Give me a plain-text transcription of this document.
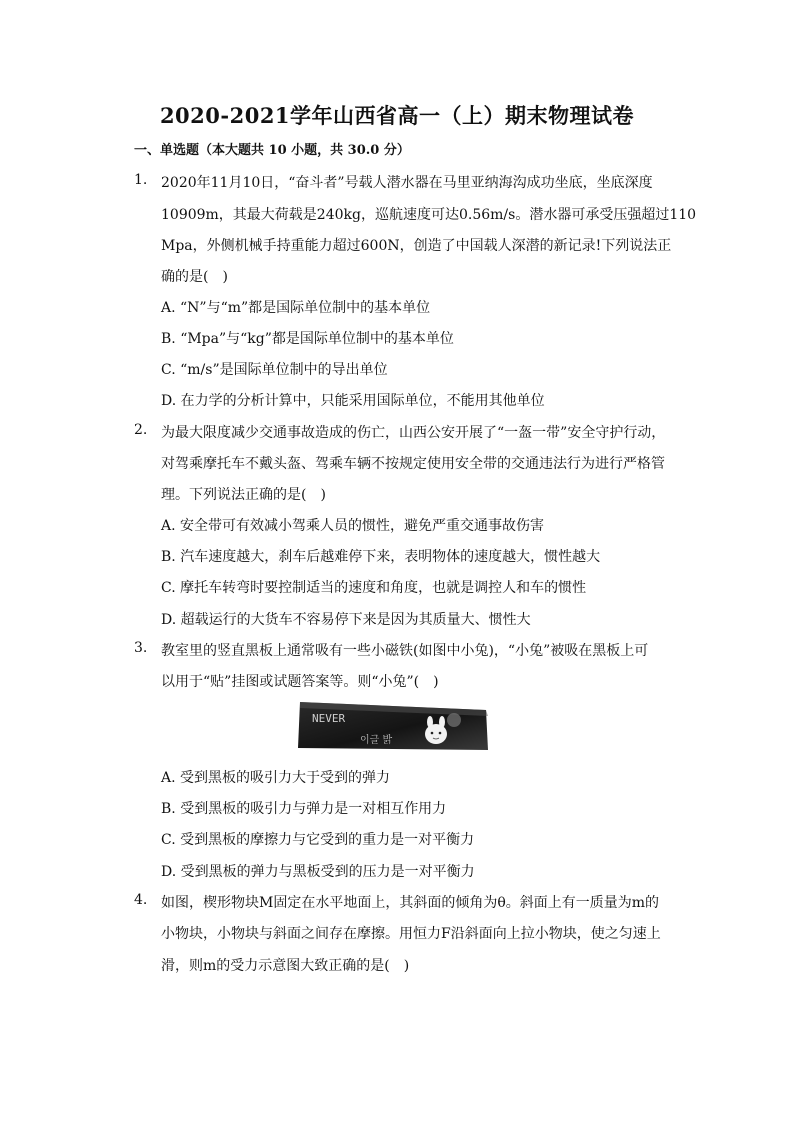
2020-2021学年山西省高一（上）期末物理试卷
一、单选题（本大题共 10 小题，共 30.0 分）
1. 2020年11月10日，“奋斗者”号载人潜水器在马里亚纳海沟成功坐底，坐底深度
10909m，其最大荷载是240kg，巡航速度可达0.56m/s。潜水器可承受压强超过110
Mpa，外侧机械手持重能力超过600N，创造了中国载人深潜的新记录!下列说法正
确的是(　)
A. “N”与“m”都是国际单位制中的基本单位
B. “Mpa”与“kg”都是国际单位制中的基本单位
C. “m/s”是国际单位制中的导出单位
D. 在力学的分析计算中，只能采用国际单位，不能用其他单位
2. 为最大限度减少交通事故造成的伤亡，山西公安开展了“一盔一带”安全守护行动，
对驾乘摩托车不戴头盔、驾乘车辆不按规定使用安全带的交通违法行为进行严格管
理。下列说法正确的是(　)
A. 安全带可有效减小驾乘人员的惯性，避免严重交通事故伤害
B. 汽车速度越大，刹车后越难停下来，表明物体的速度越大，惯性越大
C. 摩托车转弯时要控制适当的速度和角度，也就是调控人和车的惯性
D. 超载运行的大货车不容易停下来是因为其质量大、惯性大
3. 教室里的竖直黑板上通常吸有一些小磁铁(如图中小兔)，“小兔”被吸在黑板上可
以用于“贴”挂图或试题答案等。则“小兔”(　)
NEVER
이글 밝
A. 受到黑板的吸引力大于受到的弹力
B. 受到黑板的吸引力与弹力是一对相互作用力
C. 受到黑板的摩擦力与它受到的重力是一对平衡力
D. 受到黑板的弹力与黑板受到的压力是一对平衡力
4. 如图，楔形物块M固定在水平地面上，其斜面的倾角为θ。斜面上有一质量为m的
小物块，小物块与斜面之间存在摩擦。用恒力F沿斜面向上拉小物块，使之匀速上
滑，则m的受力示意图大致正确的是(　)
